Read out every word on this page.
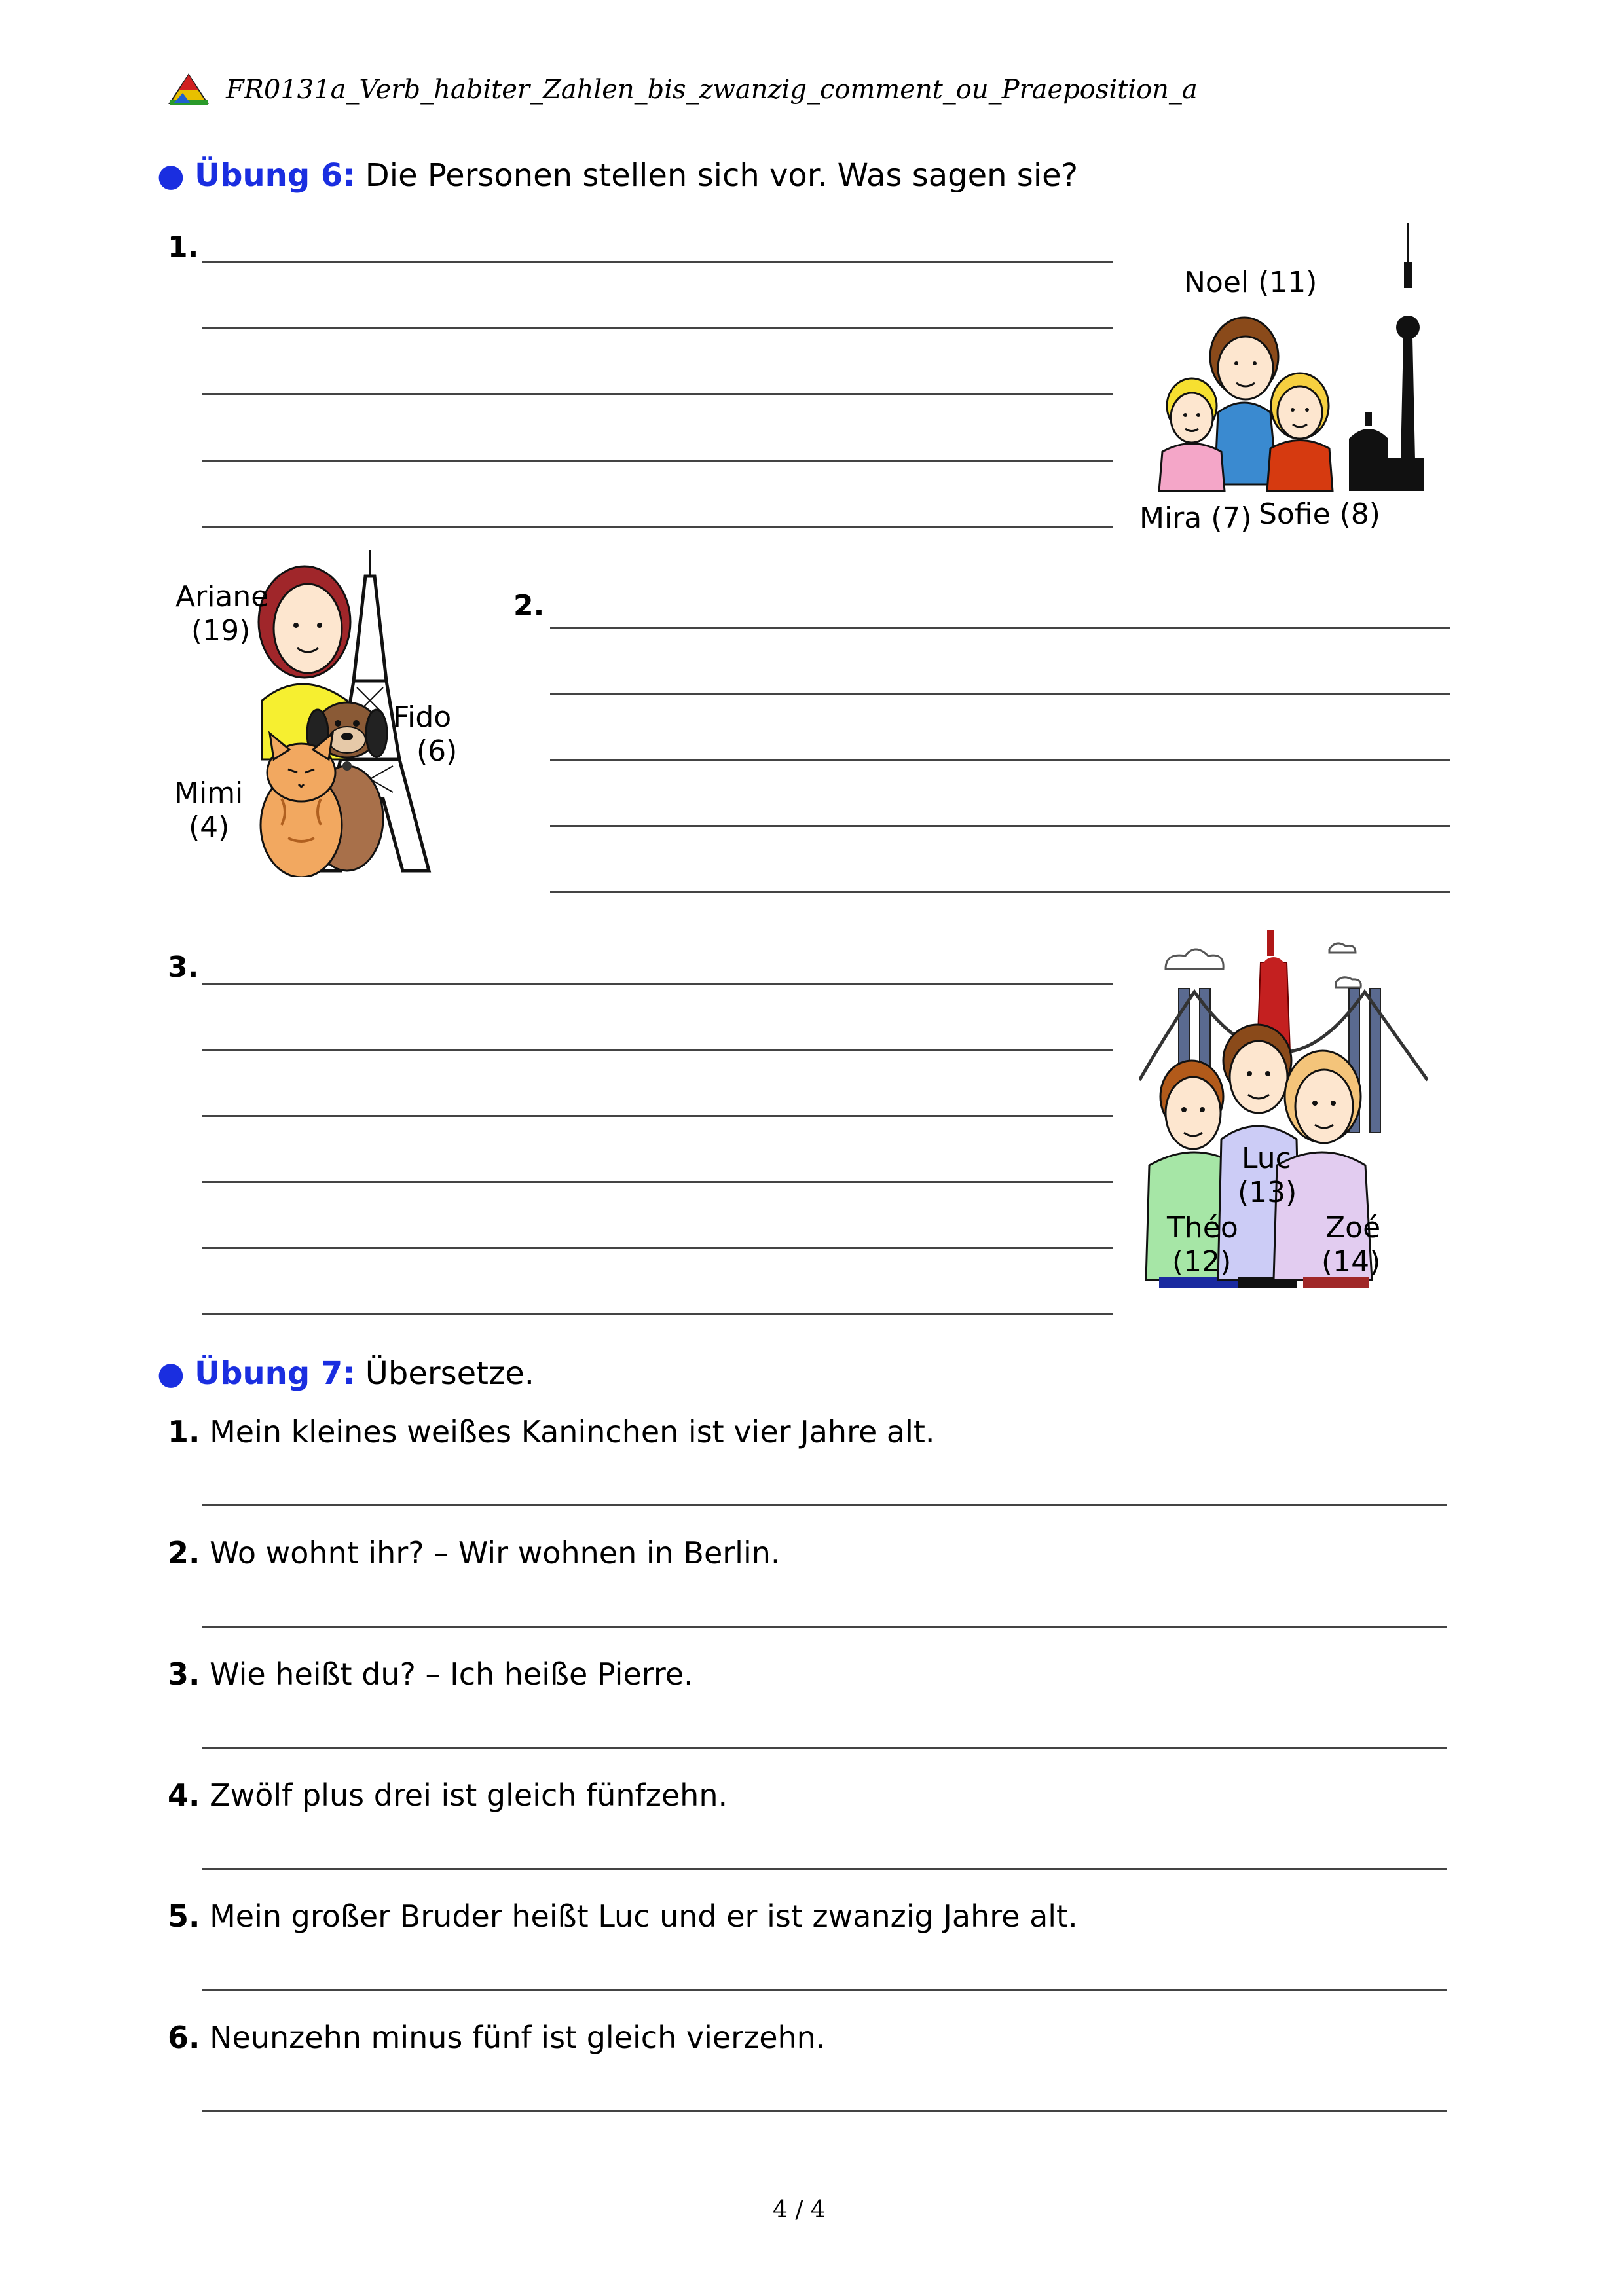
FR0131a_Verb_habiter_Zahlen_bis_zwanzig_comment_ou_Praeposition_a
● Übung 6: Die Personen stellen sich vor. Was sagen sie?
1.
Noel (11)
Mira (7) Sofie (8)
Ariane
(19)
Fido
(6)
Mimi
(4)
2.
3.
Luc
(13)
Théo
(12)
Zoé
(14)
● Übung 7: Übersetze.
1. Mein kleines weißes Kaninchen ist vier Jahre alt.
2. Wo wohnt ihr? – Wir wohnen in Berlin.
3. Wie heißt du? – Ich heiße Pierre.
4. Zwölf plus drei ist gleich fünfzehn.
5. Mein großer Bruder heißt Luc und er ist zwanzig Jahre alt.
6. Neunzehn minus fünf ist gleich vierzehn.
4 / 4
